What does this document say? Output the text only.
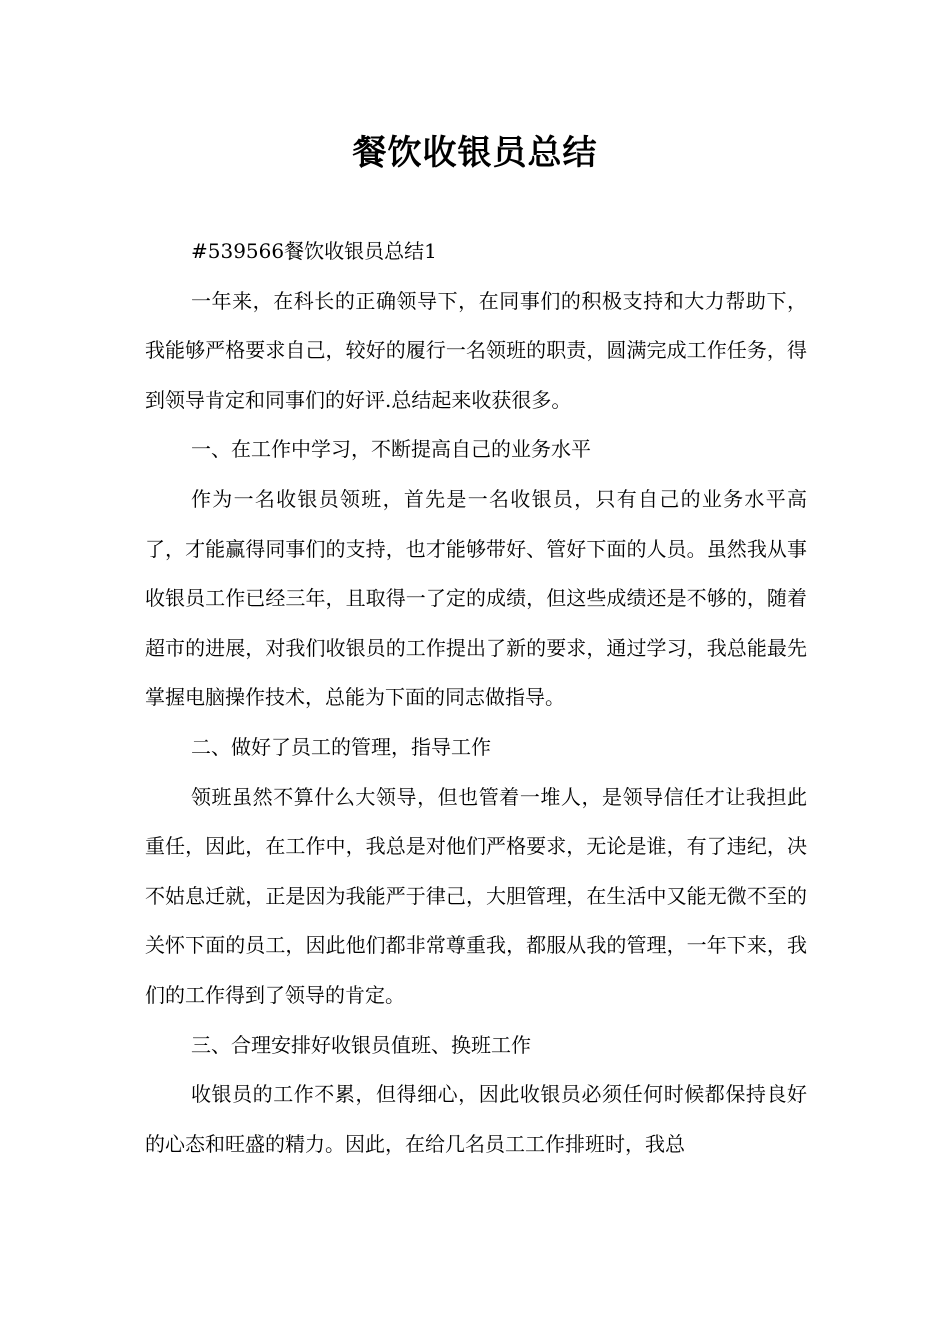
餐饮收银员总结

#539566餐饮收银员总结1

一年来，在科长的正确领导下，在同事们的积极支持和大力帮助下，我能够严格要求自己，较好的履行一名领班的职责，圆满完成工作任务，得到领导肯定和同事们的好评.总结起来收获很多。

一、在工作中学习，不断提高自己的业务水平

作为一名收银员领班，首先是一名收银员，只有自己的业务水平高了，才能赢得同事们的支持，也才能够带好、管好下面的人员。虽然我从事收银员工作已经三年，且取得一了定的成绩，但这些成绩还是不够的，随着超市的进展，对我们收银员的工作提出了新的要求，通过学习，我总能最先掌握电脑操作技术，总能为下面的同志做指导。

二、做好了员工的管理，指导工作

领班虽然不算什么大领导，但也管着一堆人，是领导信任才让我担此重任，因此，在工作中，我总是对他们严格要求，无论是谁，有了违纪，决不姑息迁就，正是因为我能严于律己，大胆管理，在生活中又能无微不至的关怀下面的员工，因此他们都非常尊重我，都服从我的管理，一年下来，我们的工作得到了领导的肯定。

三、合理安排好收银员值班、换班工作

收银员的工作不累，但得细心，因此收银员必须任何时候都保持良好的心态和旺盛的精力。因此，在给几名员工工作排班时，我总
